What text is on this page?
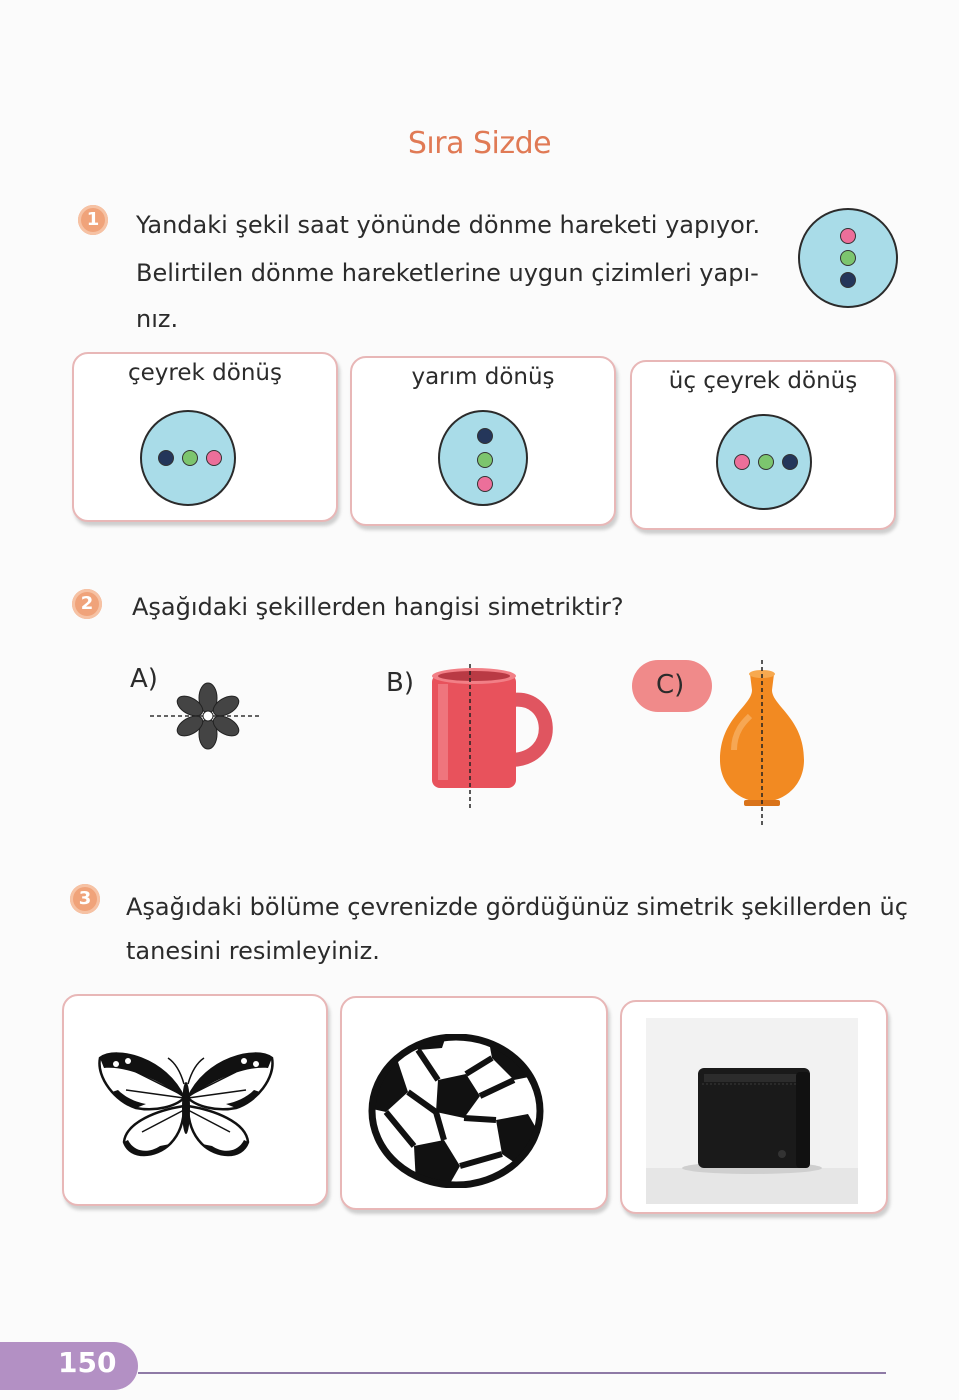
Sıra Sizde
1	Yandaki şekil saat yönünde dönme hareketi yapıyor.
Belirtilen dönme hareketlerine uygun çizimleri yapı-
nız.
çeyrek dönüş	yarım dönüş	üç çeyrek dönüş
2	Aşağıdaki şekillerden hangisi simetriktir?
A)	B)	C)
3	Aşağıdaki bölüme çevrenizde gördüğünüz simetrik şekillerden üç
tanesini resimleyiniz.
150
